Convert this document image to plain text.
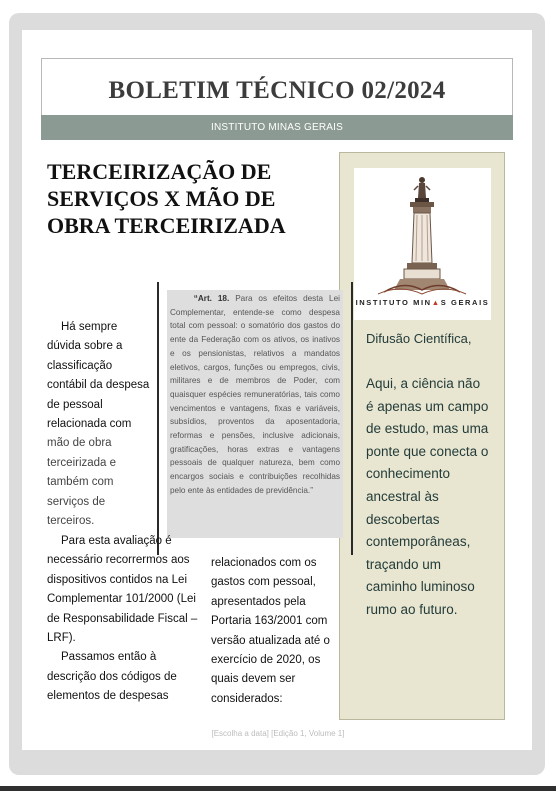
BOLETIM TÉCNICO 02/2024
INSTITUTO MINAS GERAIS
TERCEIRIZAÇÃO DE SERVIÇOS X MÃO DE OBRA TERCEIRIZADA
INSTITUTO MIN▲S GERAIS
Difusão Científica,
Aqui, a ciência não é apenas um campo de estudo, mas uma ponte que conecta o conhecimento ancestral às descobertas contemporâneas, traçando um caminho luminoso rumo ao futuro.
“Art. 18. Para os efeitos desta Lei Complementar, entende-se como despesa total com pessoal: o somatório dos gastos do ente da Federação com os ativos, os inativos e os pensionistas, relativos a mandatos eletivos, cargos, funções ou empregos, civis, militares e de membros de Poder, com quaisquer espécies remuneratórias, tais como vencimentos e vantagens, fixas e variáveis, subsídios, proventos da aposentadoria, reformas e pensões, inclusive adicionais, gratificações, horas extras e vantagens pessoais de qualquer natureza, bem como encargos sociais e contribuições recolhidas pelo ente às entidades de previdência.”

Há sempre dúvida sobre a classificação contábil da despesa de pessoal relacionada com mão de obra terceirizada e também com serviços de terceiros.

Para esta avaliação é necessário recorrermos aos dispositivos contidos na Lei Complementar 101/2000 (Lei de Responsabilidade Fiscal – LRF).

Passamos então à descrição dos códigos de elementos de despesas

relacionados com os gastos com pessoal, apresentados pela Portaria 163/2001 com versão atualizada até o exercício de 2020, os quais devem ser considerados:
[Escolha a data] [Edição 1, Volume 1]
